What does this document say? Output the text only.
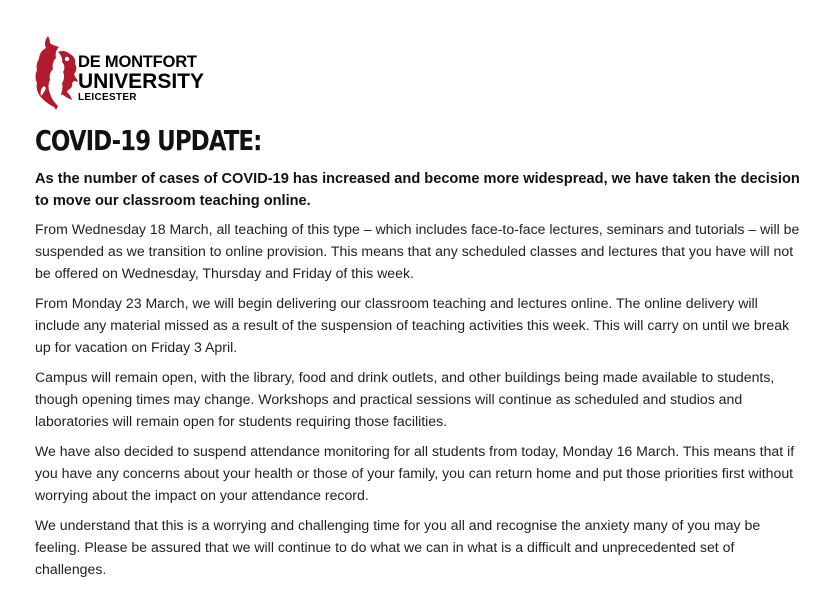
DE MONTFORT
UNIVERSITY
LEICESTER
COVID-19 UPDATE:

As the number of cases of COVID-19 has increased and become more widespread, we have taken the decision to move our classroom teaching online.

From Wednesday 18 March, all teaching of this type – which includes face-to-face lectures, seminars and tutorials – will be suspended as we transition to online provision. This means that any scheduled classes and lectures that you have will not be offered on Wednesday, Thursday and Friday of this week.

From Monday 23 March, we will begin delivering our classroom teaching and lectures online. The online delivery will include any material missed as a result of the suspension of teaching activities this week. This will carry on until we break up for vacation on Friday 3 April.

Campus will remain open, with the library, food and drink outlets, and other buildings being made available to students, though opening times may change. Workshops and practical sessions will continue as scheduled and studios and laboratories will remain open for students requiring those facilities.

We have also decided to suspend attendance monitoring for all students from today, Monday 16 March. This means that if you have any concerns about your health or those of your family, you can return home and put those priorities first without worrying about the impact on your attendance record.

We understand that this is a worrying and challenging time for you all and recognise the anxiety many of you may be feeling. Please be assured that we will continue to do what we can in what is a difficult and unprecedented set of challenges.
